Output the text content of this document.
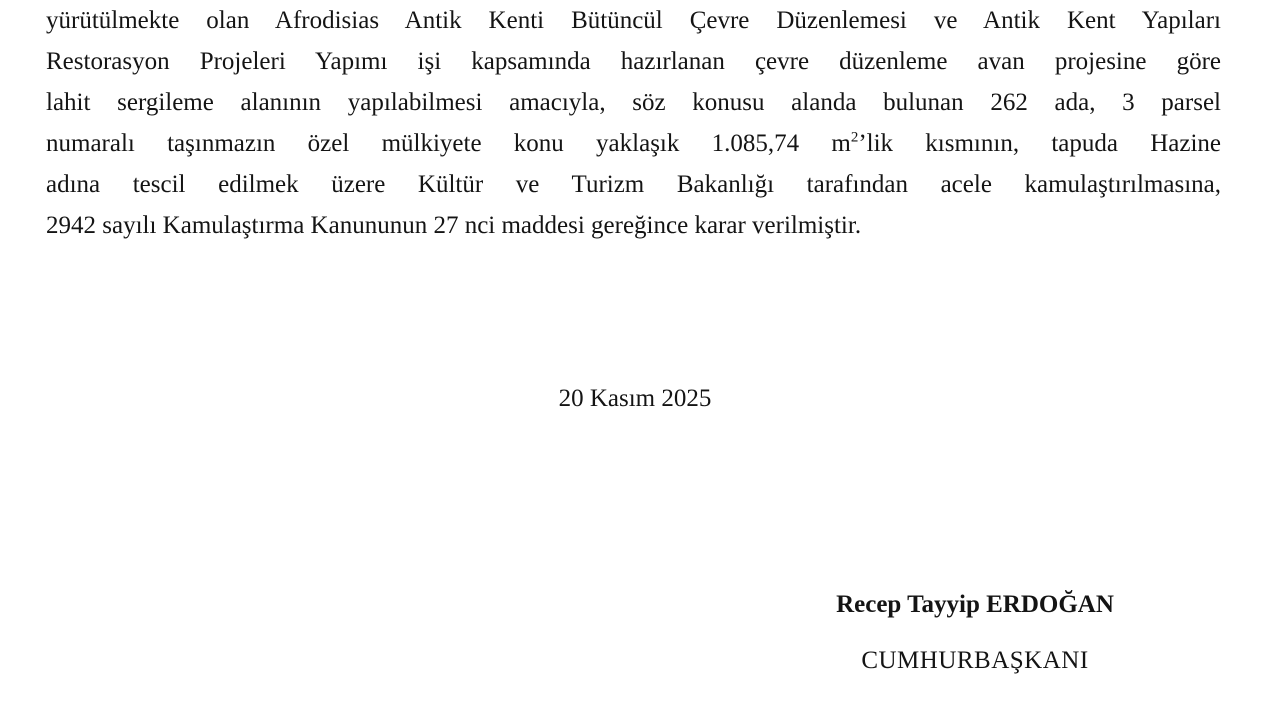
yürütülmekte olan Afrodisias Antik Kenti Bütüncül Çevre Düzenlemesi ve Antik Kent Yapıları
Restorasyon Projeleri Yapımı işi kapsamında hazırlanan çevre düzenleme avan projesine göre
lahit sergileme alanının yapılabilmesi amacıyla, söz konusu alanda bulunan 262 ada, 3 parsel
numaralı taşınmazın özel mülkiyete konu yaklaşık 1.085,74 $m^2’lik$ kısmının, tapuda Hazine
adına tescil edilmek üzere Kültür ve Turizm Bakanlığı tarafından acele kamulaştırılmasına,
2942 sayılı Kamulaştırma Kanununun 27 nci maddesi gereğince karar verilmiştir.

20 Kasım 2025

Recep Tayyip ERDOĞAN
CUMHURBAŞKANI
